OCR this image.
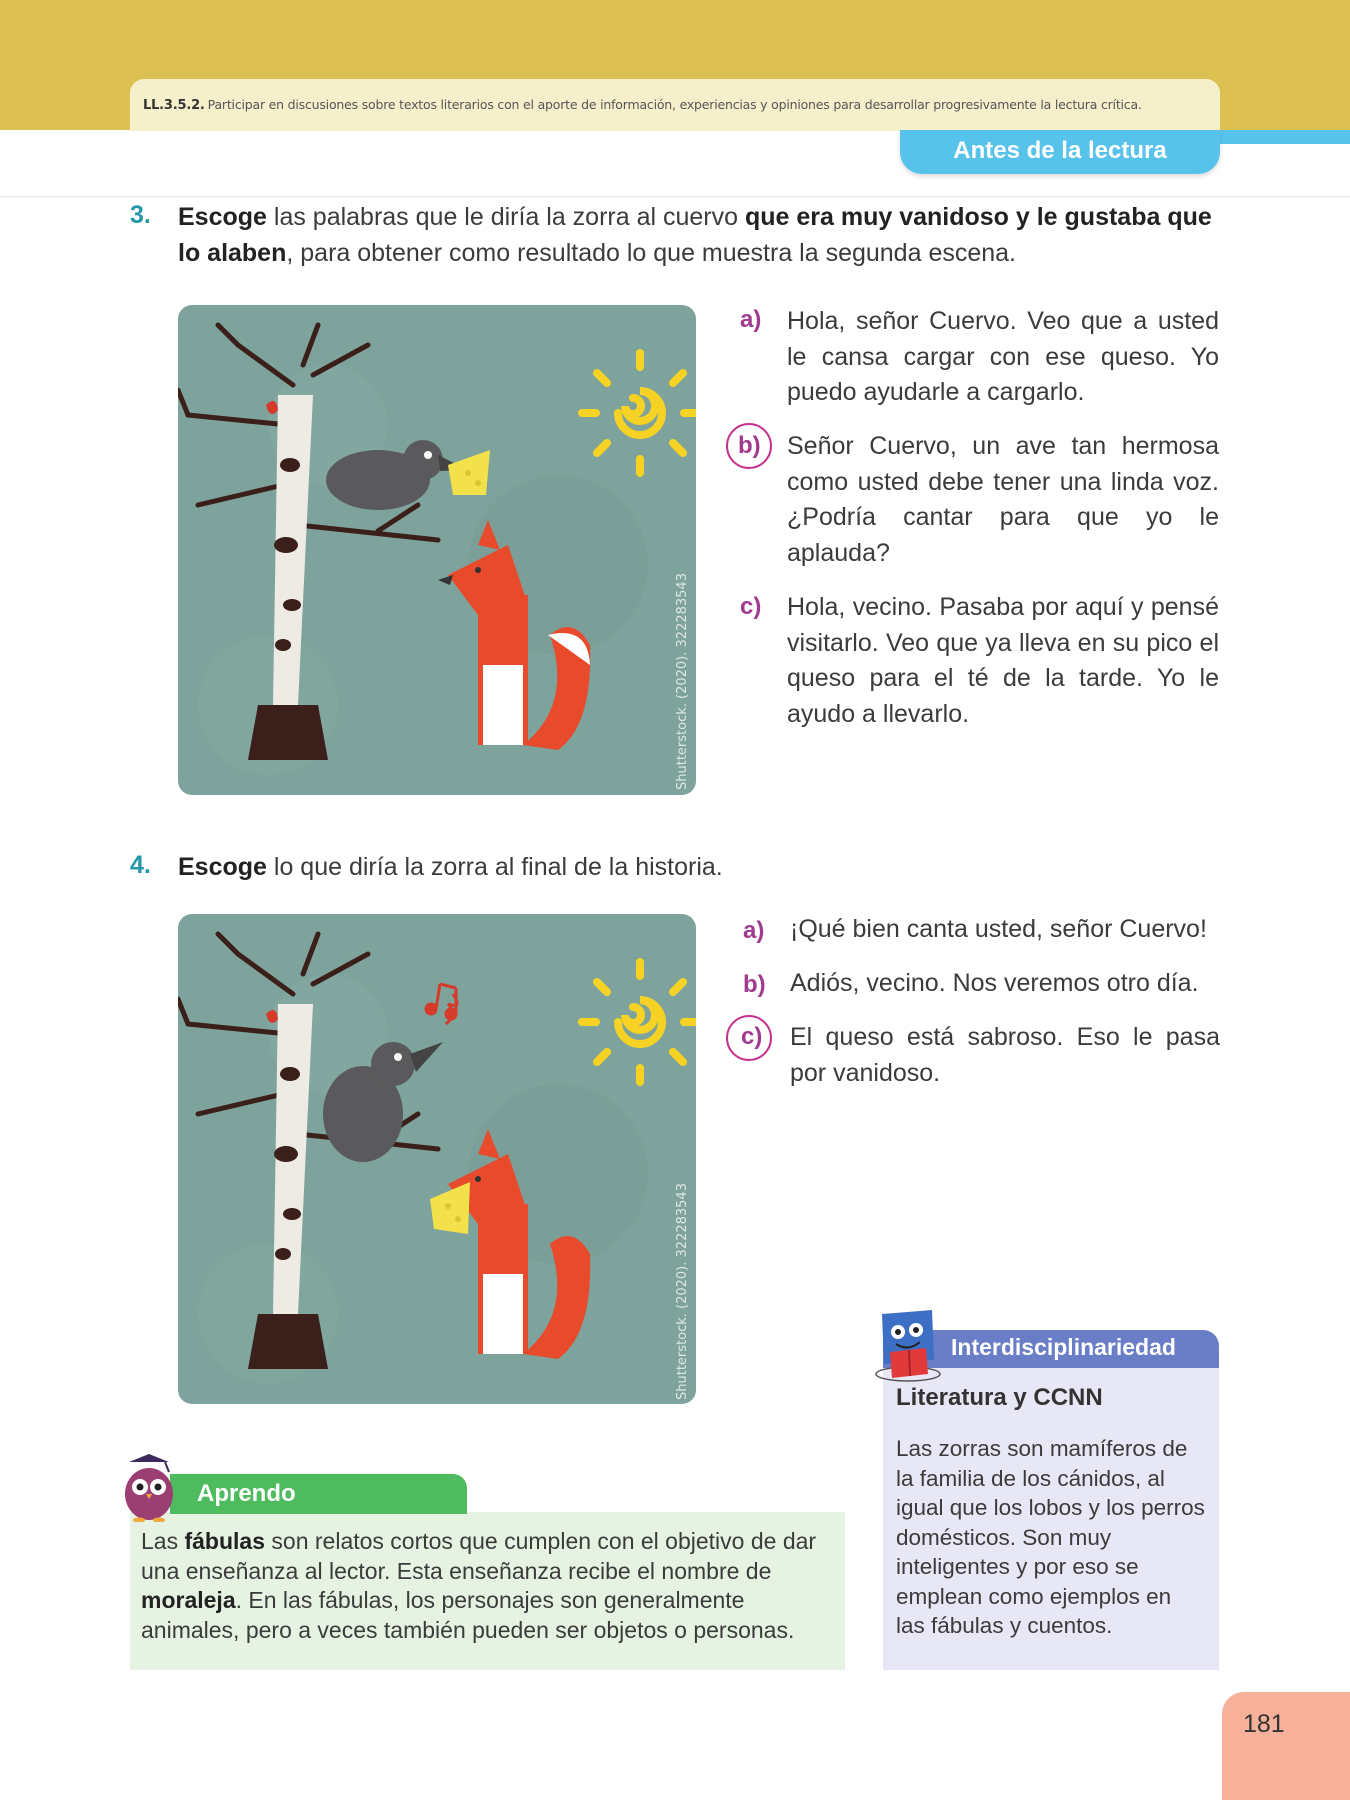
LL.3.5.2. Participar en discusiones sobre textos literarios con el aporte de información, experiencias y opiniones para desarrollar progresivamente la lectura crítica.
Antes de la lectura
3. Escoge las palabras que le diría la zorra al cuervo que era muy vanidoso y le gustaba que lo alaben, para obtener como resultado lo que muestra la segunda escena.
Shutterstock. (2020). 322283543
a) Hola, señor Cuervo. Veo que a usted le cansa cargar con ese queso. Yo puedo ayudarle a cargarlo.
b) Señor Cuervo, un ave tan hermosa como usted debe tener una linda voz. ¿Podría cantar para que yo le aplauda?
c) Hola, vecino. Pasaba por aquí y pensé visitarlo. Veo que ya lleva en su pico el queso para el té de la tarde. Yo le ayudo a llevarlo.
4. Escoge lo que diría la zorra al final de la historia.
Shutterstock. (2020). 322283543
a) ¡Qué bien canta usted, señor Cuervo!
b) Adiós, vecino. Nos veremos otro día.
c) El queso está sabroso. Eso le pasa por vanidoso.
Aprendo
Las fábulas son relatos cortos que cumplen con el objetivo de dar una enseñanza al lector. Esta enseñanza recibe el nombre de moraleja. En las fábulas, los personajes son generalmente animales, pero a veces también pueden ser objetos o personas.
Interdisciplinariedad
Literatura y CCNN
Las zorras son mamíferos de la familia de los cánidos, al igual que los lobos y los perros domésticos. Son muy inteligentes y por eso se emplean como ejemplos en las fábulas y cuentos.
181
